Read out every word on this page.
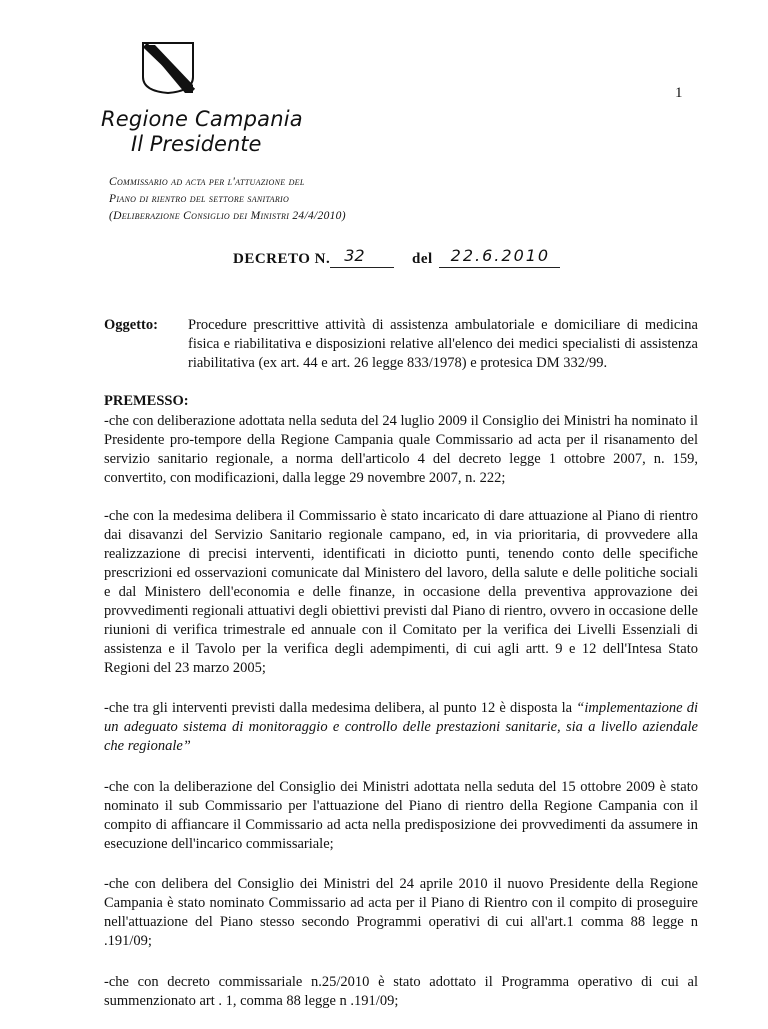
1
Regione Campania
Il Presidente
Commissario ad acta per l'attuazione del
Piano di rientro del settore sanitario
(Deliberazione Consiglio dei Ministri 24/4/2010)
DECRETO N. 32	del 22.6.2010
Oggetto: Procedure prescrittive attività di assistenza ambulatoriale e domiciliare di medicina fisica e riabilitativa e disposizioni relative all'elenco dei medici specialisti di assistenza riabilitativa (ex art. 44 e art. 26 legge 833/1978) e protesica DM 332/99.
PREMESSO:

-che con deliberazione adottata nella seduta del 24 luglio 2009 il Consiglio dei Ministri ha nominato il Presidente pro-tempore della Regione Campania quale Commissario ad acta per il risanamento del servizio sanitario regionale, a norma dell'articolo 4 del decreto legge 1 ottobre 2007, n. 159, convertito, con modificazioni, dalla legge 29 novembre 2007, n. 222;

-che con la medesima delibera il Commissario è stato incaricato di dare attuazione al Piano di rientro dai disavanzi del Servizio Sanitario regionale campano, ed, in via prioritaria, di provvedere alla realizzazione di precisi interventi, identificati in diciotto punti, tenendo conto delle specifiche prescrizioni ed osservazioni comunicate dal Ministero del lavoro, della salute e delle politiche sociali e dal Ministero dell'economia e delle finanze, in occasione della preventiva approvazione dei provvedimenti regionali attuativi degli obiettivi previsti dal Piano di rientro, ovvero in occasione delle riunioni di verifica trimestrale ed annuale con il Comitato per la verifica dei Livelli Essenziali di assistenza e il Tavolo per la verifica degli adempimenti, di cui agli artt. 9 e 12 dell'Intesa Stato Regioni del 23 marzo 2005;

-che tra gli interventi previsti dalla medesima delibera, al punto 12 è disposta la “implementazione di un adeguato sistema di monitoraggio e controllo delle prestazioni sanitarie, sia a livello aziendale che regionale”

-che con la deliberazione del Consiglio dei Ministri adottata nella seduta del 15 ottobre 2009 è stato nominato il sub Commissario per l'attuazione del Piano di rientro della Regione Campania con il compito di affiancare il Commissario ad acta nella predisposizione dei provvedimenti da assumere in esecuzione dell'incarico commissariale;

-che con delibera del Consiglio dei Ministri del 24 aprile 2010 il nuovo Presidente della Regione Campania è stato nominato Commissario ad acta per il Piano di Rientro con il compito di proseguire nell'attuazione del Piano stesso secondo Programmi operativi di cui all'art.1 comma 88 legge n .191/09;

-che con decreto commissariale n.25/2010 è stato adottato il Programma operativo di cui al summenzionato art . 1, comma 88 legge n .191/09;
